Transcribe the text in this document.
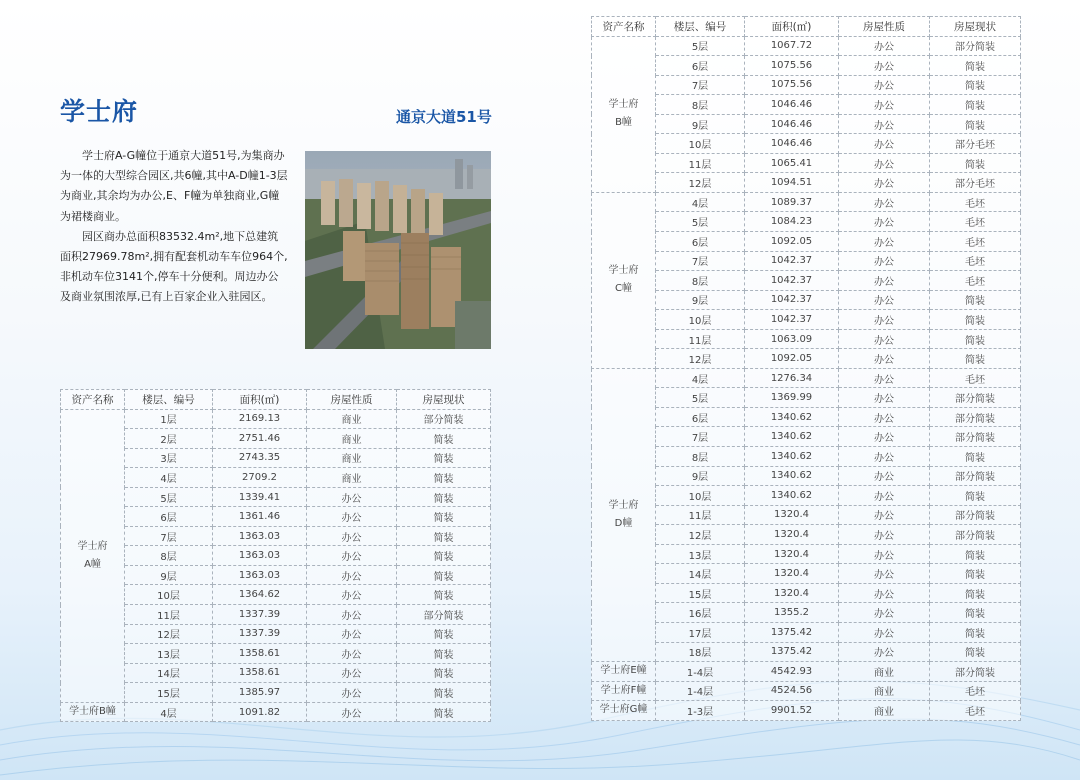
学士府	通京大道51号

学士府A-G幢位于通京大道51号,为集商办为一体的大型综合园区,共6幢,其中A-D幢1-3层为商业,其余均为办公,E、F幢为单独商业,G幢为裙楼商业。

园区商办总面积83532.4m²,地下总建筑面积27969.78m²,拥有配套机动车车位964个,非机动车位3141个,停车十分便利。周边办公及商业氛围浓厚,已有上百家企业入驻园区。

资产名称	楼层、编号	面积(㎡)	房屋性质	房屋现状
学士府
A幢	1层	2169.13	商业	部分简装
	2层	2751.46	商业	简装
	3层	2743.35	商业	简装
	4层	2709.2	商业	简装
	5层	1339.41	办公	简装
	6层	1361.46	办公	简装
	7层	1363.03	办公	简装
	8层	1363.03	办公	简装
	9层	1363.03	办公	简装
	10层	1364.62	办公	简装
	11层	1337.39	办公	部分简装
	12层	1337.39	办公	简装
	13层	1358.61	办公	简装
	14层	1358.61	办公	简装
	15层	1385.97	办公	简装
学士府B幢	4层	1091.82	办公	简装
资产名称	楼层、编号	面积(㎡)	房屋性质	房屋现状
学士府
B幢	5层	1067.72	办公	部分简装
	6层	1075.56	办公	简装
	7层	1075.56	办公	简装
	8层	1046.46	办公	简装
	9层	1046.46	办公	简装
	10层	1046.46	办公	部分毛坯
	11层	1065.41	办公	简装
	12层	1094.51	办公	部分毛坯
学士府
C幢	4层	1089.37	办公	毛坯
	5层	1084.23	办公	毛坯
	6层	1092.05	办公	毛坯
	7层	1042.37	办公	毛坯
	8层	1042.37	办公	毛坯
	9层	1042.37	办公	简装
	10层	1042.37	办公	简装
	11层	1063.09	办公	简装
	12层	1092.05	办公	简装
学士府
D幢	4层	1276.34	办公	毛坯
	5层	1369.99	办公	部分简装
	6层	1340.62	办公	部分简装
	7层	1340.62	办公	部分简装
	8层	1340.62	办公	简装
	9层	1340.62	办公	部分简装
	10层	1340.62	办公	简装
	11层	1320.4	办公	部分简装
	12层	1320.4	办公	部分简装
	13层	1320.4	办公	简装
	14层	1320.4	办公	简装
	15层	1320.4	办公	简装
	16层	1355.2	办公	简装
	17层	1375.42	办公	简装
	18层	1375.42	办公	简装
学士府E幢	1-4层	4542.93	商业	部分简装
学士府F幢	1-4层	4524.56	商业	毛坯
学士府G幢	1-3层	9901.52	商业	毛坯
